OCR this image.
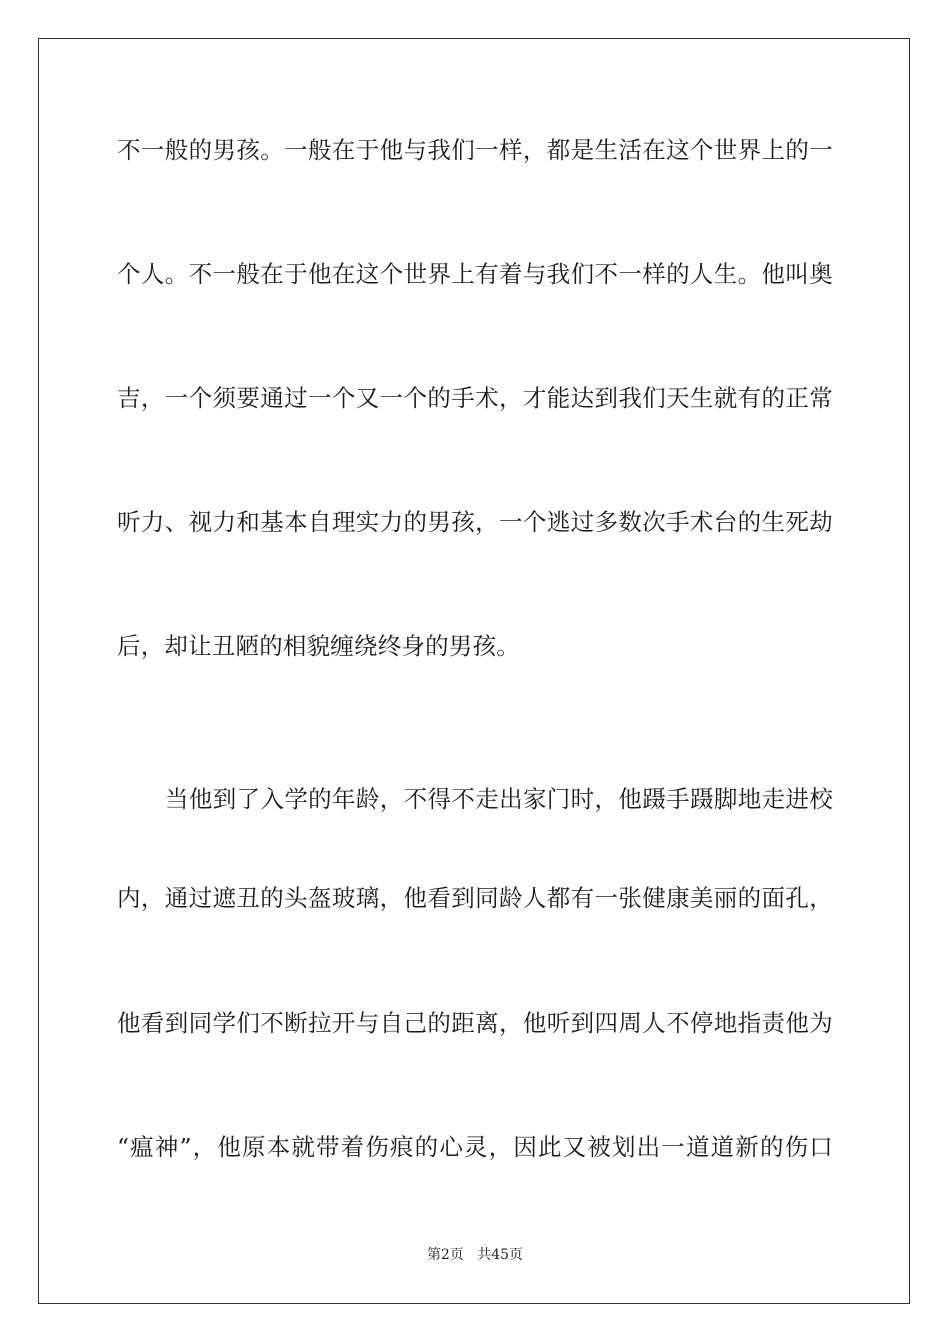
不一般的男孩。一般在于他与我们一样，都是生活在这个世界上的一
个人。不一般在于他在这个世界上有着与我们不一样的人生。他叫奥
吉，一个须要通过一个又一个的手术，才能达到我们天生就有的正常
听力、视力和基本自理实力的男孩，一个逃过多数次手术台的生死劫
后，却让丑陋的相貌缠绕终身的男孩。
当他到了入学的年龄，不得不走出家门时，他蹑手蹑脚地走进校
内，通过遮丑的头盔玻璃，他看到同龄人都有一张健康美丽的面孔，
他看到同学们不断拉开与自己的距离，他听到四周人不停地指责他为
“瘟神”，他原本就带着伤痕的心灵，因此又被划出一道道新的伤口
第2页 共45页
